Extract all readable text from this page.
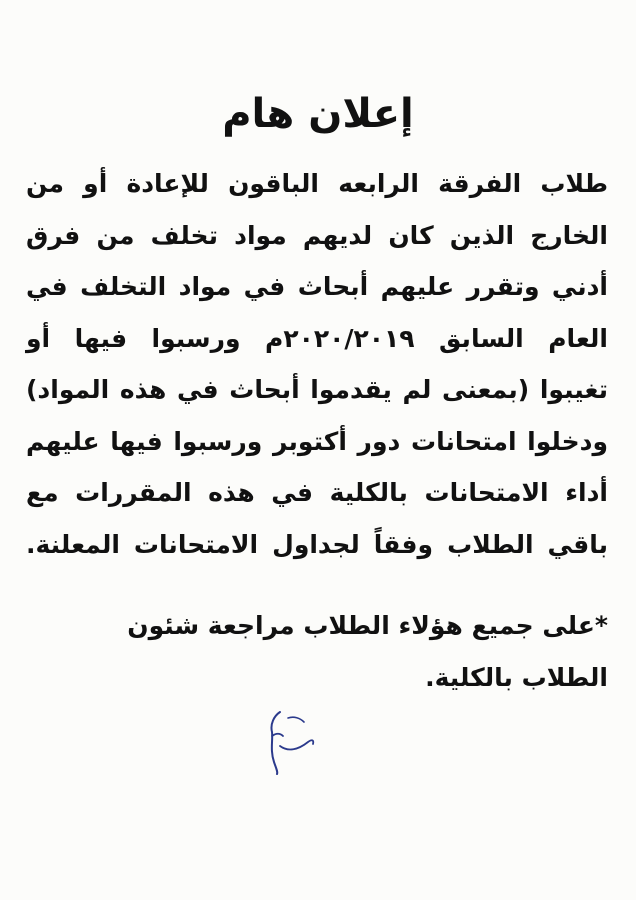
إعلان هام
طلاب الفرقة الرابعه الباقون للإعادة أو من
الخارج الذين كان لديهم مواد تخلف من فرق
أدني وتقرر عليهم أبحاث في مواد التخلف في
العام السابق ٢٠٢٠/٢٠١٩م ورسبوا فيها أو
تغيبوا (بمعنى لم يقدموا أبحاث في هذه المواد)
ودخلوا امتحانات دور أكتوبر ورسبوا فيها عليهم
أداء الامتحانات بالكلية في هذه المقررات مع
باقي الطلاب وفقاً لجداول الامتحانات المعلنة.
*على جميع هؤلاء الطلاب مراجعة شئون
الطلاب بالكلية.
